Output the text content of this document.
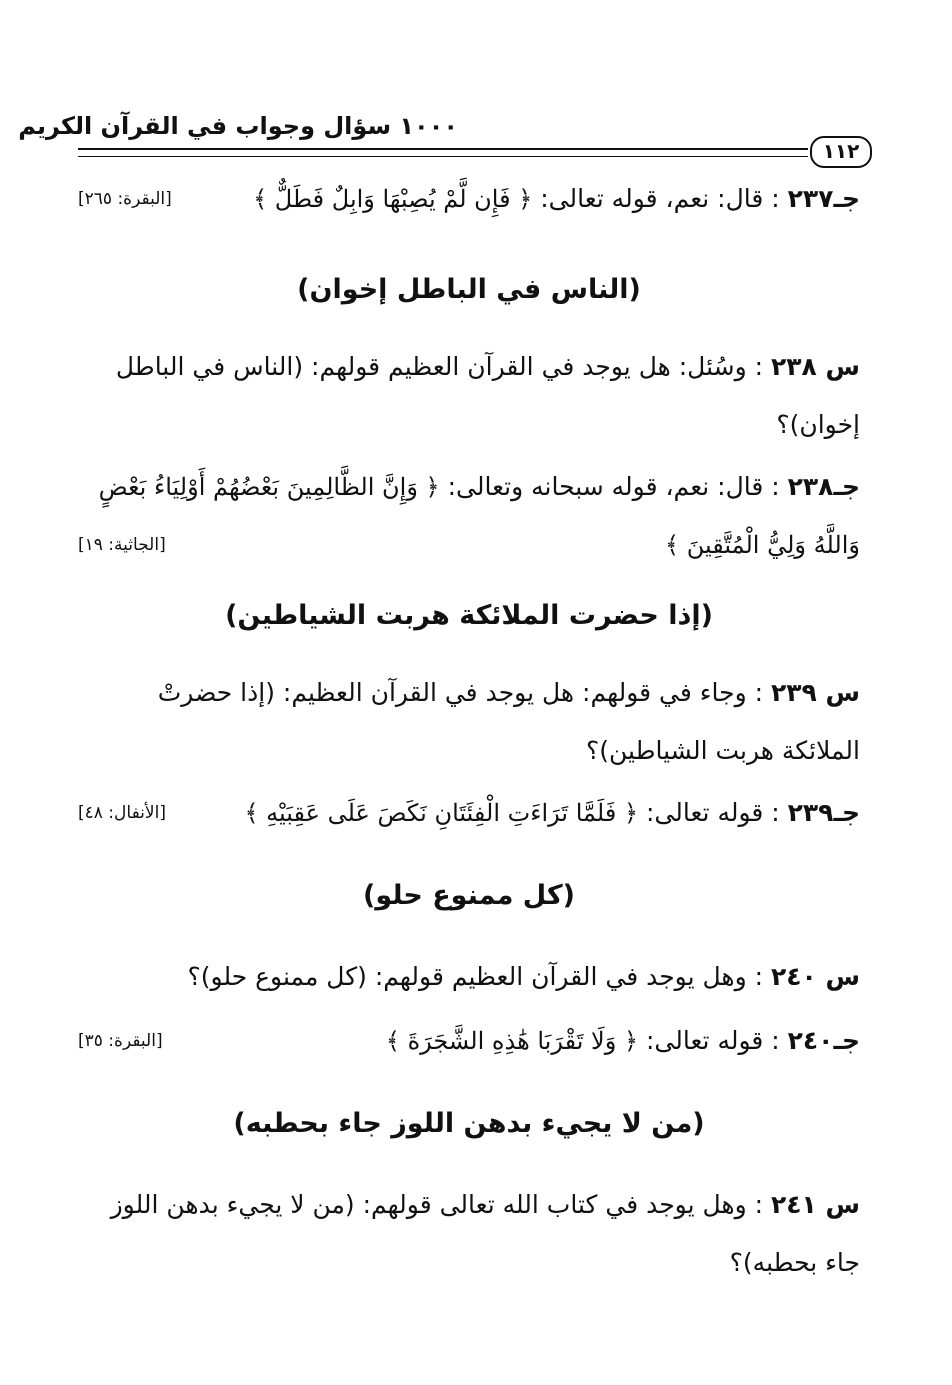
١٠٠٠ سؤال وجواب في القرآن الكريم
١١٢
جـ٢٣٧ : قال: نعم، قوله تعالى: ﴿ فَإِن لَّمْ يُصِبْهَا وَابِلٌ فَطَلٌّ ﴾
[البقرة: ٢٦٥]
(الناس في الباطل إخوان)
س ٢٣٨ : وسُئل: هل يوجد في القرآن العظيم قولهم: (الناس في الباطل إخوان)؟
جـ٢٣٨ : قال: نعم، قوله سبحانه وتعالى: ﴿ وَإِنَّ الظَّالِمِينَ بَعْضُهُمْ أَوْلِيَاءُ بَعْضٍ وَاللَّهُ وَلِيُّ الْمُتَّقِينَ ﴾
[الجاثية: ١٩]
(إذا حضرت الملائكة هربت الشياطين)
س ٢٣٩ : وجاء في قولهم: هل يوجد في القرآن العظيم: (إذا حضرتْ الملائكة هربت الشياطين)؟
جـ٢٣٩ : قوله تعالى: ﴿ فَلَمَّا تَرَاءَتِ الْفِئَتَانِ نَكَصَ عَلَى عَقِبَيْهِ ﴾
[الأنفال: ٤٨]
(كل ممنوع حلو)
س ٢٤٠ : وهل يوجد في القرآن العظيم قولهم: (كل ممنوع حلو)؟
جـ٢٤٠ : قوله تعالى: ﴿ وَلَا تَقْرَبَا هَٰذِهِ الشَّجَرَةَ ﴾
[البقرة: ٣٥]
(من لا يجيء بدهن اللوز جاء بحطبه)
س ٢٤١ : وهل يوجد في كتاب الله تعالى قولهم: (من لا يجيء بدهن اللوز جاء بحطبه)؟
